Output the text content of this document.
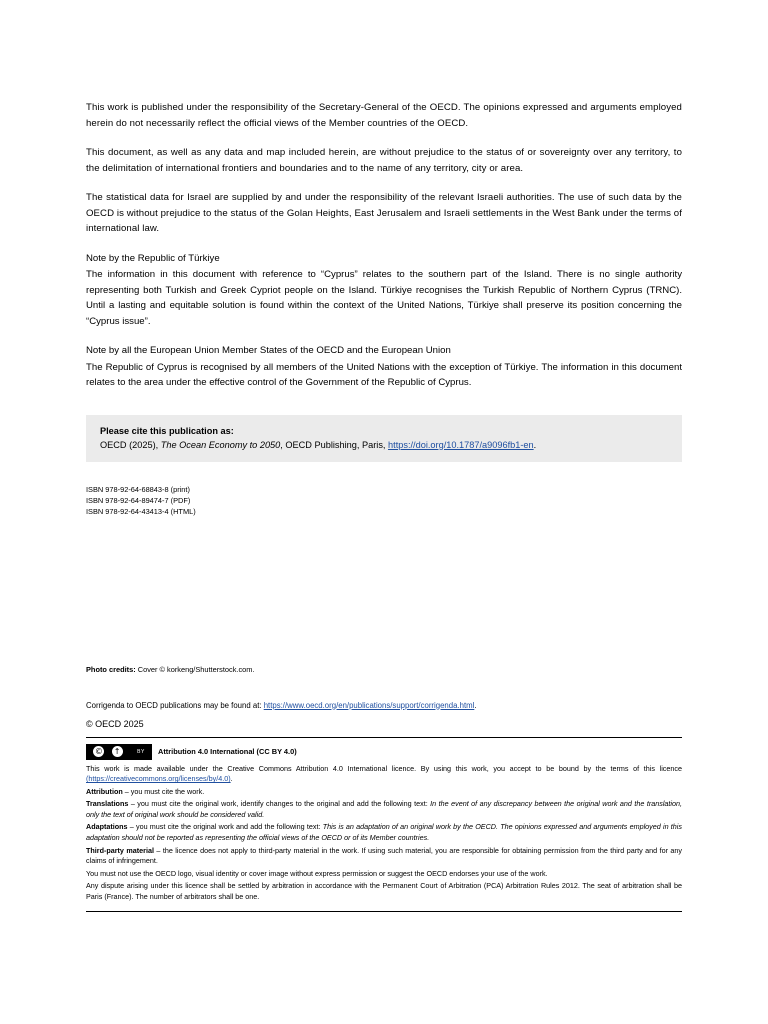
This work is published under the responsibility of the Secretary-General of the OECD. The opinions expressed and arguments employed herein do not necessarily reflect the official views of the Member countries of the OECD.

This document, as well as any data and map included herein, are without prejudice to the status of or sovereignty over any territory, to the delimitation of international frontiers and boundaries and to the name of any territory, city or area.

The statistical data for Israel are supplied by and under the responsibility of the relevant Israeli authorities. The use of such data by the OECD is without prejudice to the status of the Golan Heights, East Jerusalem and Israeli settlements in the West Bank under the terms of international law.

Note by the Republic of Türkiye

The information in this document with reference to “Cyprus” relates to the southern part of the Island. There is no single authority representing both Turkish and Greek Cypriot people on the Island. Türkiye recognises the Turkish Republic of Northern Cyprus (TRNC). Until a lasting and equitable solution is found within the context of the United Nations, Türkiye shall preserve its position concerning the “Cyprus issue”.

Note by all the European Union Member States of the OECD and the European Union

The Republic of Cyprus is recognised by all members of the United Nations with the exception of Türkiye. The information in this document relates to the area under the effective control of the Government of the Republic of Cyprus.

Please cite this publication as:
OECD (2025), The Ocean Economy to 2050, OECD Publishing, Paris, https://doi.org/10.1787/a9096fb1-en.
ISBN 978-92-64-68843-8 (print)
ISBN 978-92-64-89474-7 (PDF)
ISBN 978-92-64-43413-4 (HTML)
Photo credits: Cover © korkeng/Shutterstock.com.
Corrigenda to OECD publications may be found at: https://www.oecd.org/en/publications/support/corrigenda.html.
© OECD 2025
© ↑	BY	Attribution 4.0 International (CC BY 4.0)

This work is made available under the Creative Commons Attribution 4.0 International licence. By using this work, you accept to be bound by the terms of this licence (https://creativecommons.org/licenses/by/4.0).

Attribution – you must cite the work.

Translations – you must cite the original work, identify changes to the original and add the following text: In the event of any discrepancy between the original work and the translation, only the text of original work should be considered valid.

Adaptations – you must cite the original work and add the following text: This is an adaptation of an original work by the OECD. The opinions expressed and arguments employed in this adaptation should not be reported as representing the official views of the OECD or of its Member countries.

Third-party material – the licence does not apply to third-party material in the work. If using such material, you are responsible for obtaining permission from the third party and for any claims of infringement.

You must not use the OECD logo, visual identity or cover image without express permission or suggest the OECD endorses your use of the work.

Any dispute arising under this licence shall be settled by arbitration in accordance with the Permanent Court of Arbitration (PCA) Arbitration Rules 2012. The seat of arbitration shall be Paris (France). The number of arbitrators shall be one.
